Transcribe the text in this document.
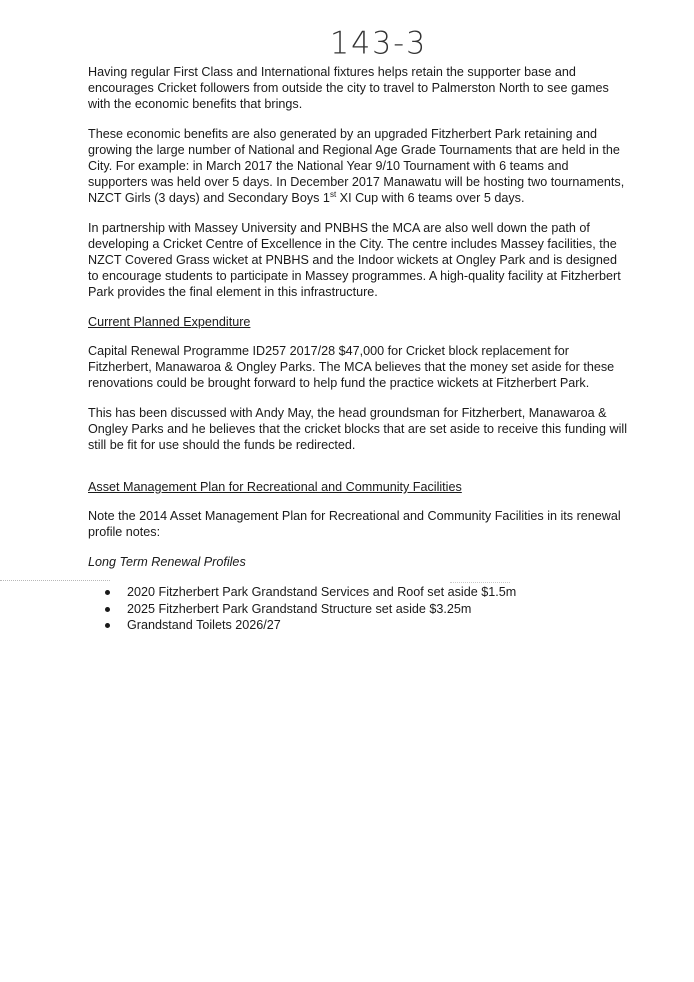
143-3

Having regular First Class and International fixtures helps retain the supporter base and encourages Cricket followers from outside the city to travel to Palmerston North to see games with the economic benefits that brings.

These economic benefits are also generated by an upgraded Fitzherbert Park retaining and growing the large number of National and Regional Age Grade Tournaments that are held in the City. For example: in March 2017 the National Year 9/10 Tournament with 6 teams and supporters was held over 5 days. In December 2017 Manawatu will be hosting two tournaments, NZCT Girls (3 days) and Secondary Boys 1st XI Cup with 6 teams over 5 days.

In partnership with Massey University and PNBHS the MCA are also well down the path of developing a Cricket Centre of Excellence in the City. The centre includes Massey facilities, the NZCT Covered Grass wicket at PNBHS and the Indoor wickets at Ongley Park and is designed to encourage students to participate in Massey programmes. A high-quality facility at Fitzherbert Park provides the final element in this infrastructure.

Current Planned Expenditure

Capital Renewal Programme ID257 2017/28 $47,000 for Cricket block replacement for Fitzherbert, Manawaroa & Ongley Parks. The MCA believes that the money set aside for these renovations could be brought forward to help fund the practice wickets at Fitzherbert Park.

This has been discussed with Andy May, the head groundsman for Fitzherbert, Manawaroa & Ongley Parks and he believes that the cricket blocks that are set aside to receive this funding will still be fit for use should the funds be redirected.

Asset Management Plan for Recreational and Community Facilities

Note the 2014 Asset Management Plan for Recreational and Community Facilities in its renewal profile notes:

Long Term Renewal Profiles

2020 Fitzherbert Park Grandstand Services and Roof set aside $1.5m
2025 Fitzherbert Park Grandstand Structure set aside $3.25m
Grandstand Toilets 2026/27
